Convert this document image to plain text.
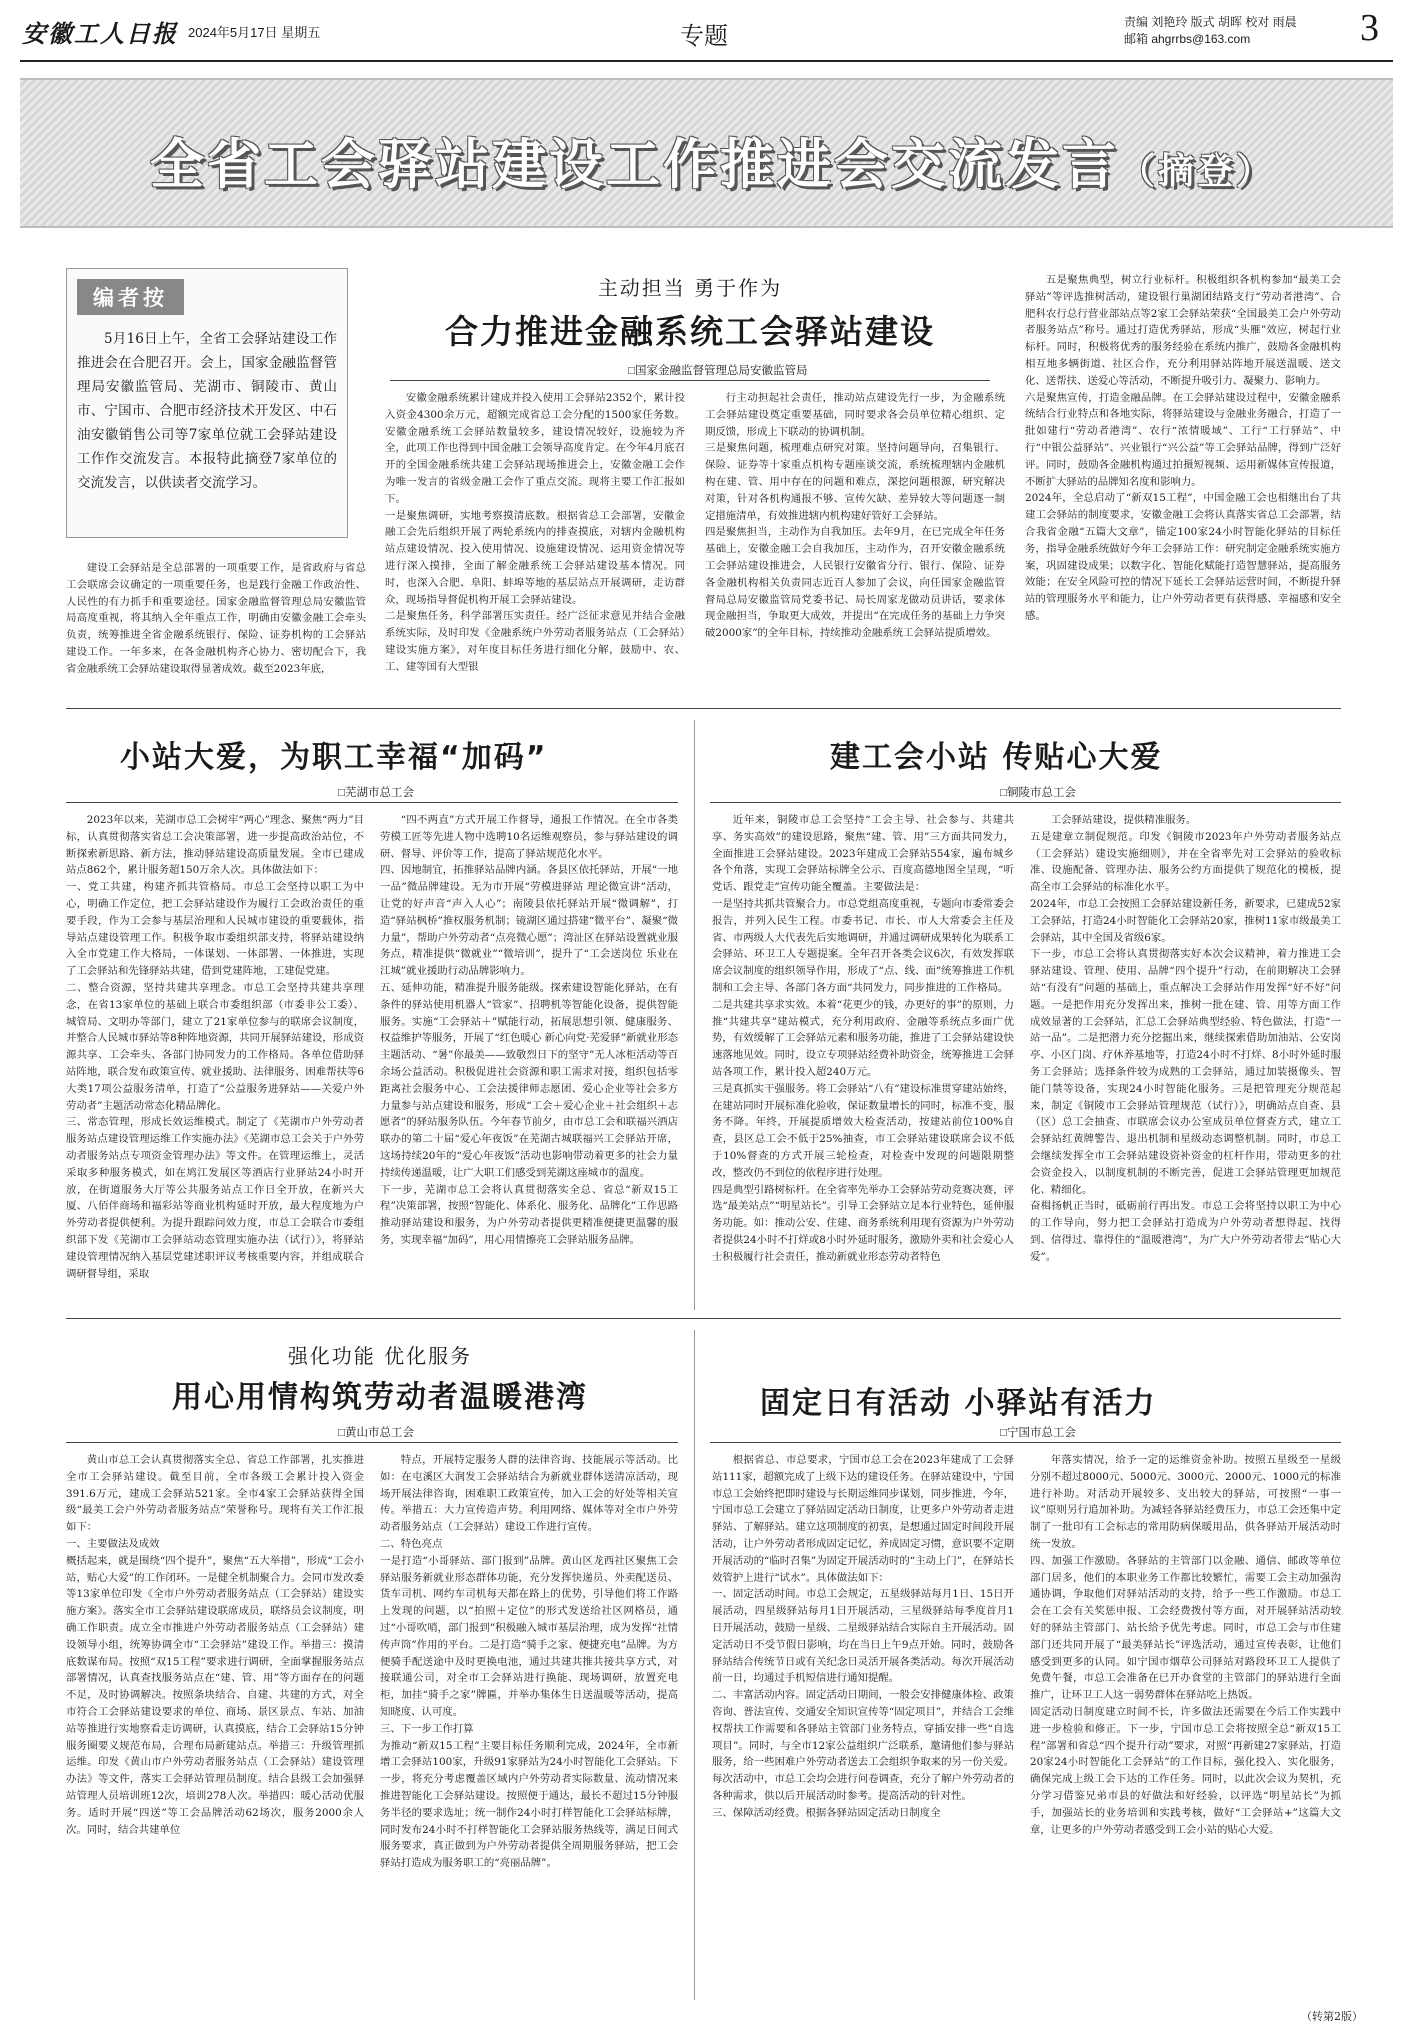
安徽工人日报 2024年5月17日 星期五	专题
责编 刘艳玲 版式 胡晖 校对 雨晨
邮箱 ahgrrbs@163.com	3
全省工会驿站建设工作推进会交流发言（摘登）
编者按
5月16日上午，全省工会驿站建设工作推进会在合肥召开。会上，国家金融监督管理局安徽监管局、芜湖市、铜陵市、黄山市、宁国市、合肥市经济技术开发区、中石油安徽销售公司等7家单位就工会驿站建设工作作交流发言。本报特此摘登7家单位的交流发言，以供读者交流学习。
主动担当 勇于作为
合力推进金融系统工会驿站建设
□国家金融监督管理总局安徽监管局
建设工会驿站是全总部署的一项重要工作，是省政府与省总工会联席会议确定的一项重要任务，也是践行金融工作政治性、人民性的有力抓手和重要途径。国家金融监督管理总局安徽监管局高度重视，将其纳入全年重点工作，明确由安徽金融工会牵头负责，统筹推进全省金融系统银行、保险、证券机构的工会驿站建设工作。一年多来，在各金融机构齐心协力、密切配合下，我省金融系统工会驿站建设取得显著成效。截至2023年底，
安徽金融系统累计建成并投入使用工会驿站2352个，累计投入资金4300余万元，超额完成省总工会分配的1500家任务数。安徽金融系统工会驿站数量较多，建设情况较好，设施较为齐全，此项工作也得到中国金融工会领导高度肯定。在今年4月底召开的全国金融系统共建工会驿站现场推进会上，安徽金融工会作为唯一发言的省级金融工会作了重点交流。现将主要工作汇报如下。
一是聚焦调研，实地考察摸清底数。根据省总工会部署，安徽金融工会先后组织开展了两轮系统内的排查摸底，对辖内金融机构站点建设情况、投入使用情况、设施建设情况、运用资金情况等进行深入摸排，全面了解金融系统工会驿站建设基本情况。同时，也深入合肥、阜阳、蚌埠等地的基层站点开展调研，走访群众，现场指导督促机构开展工会驿站建设。
二是聚焦任务，科学部署压实责任。经广泛征求意见并结合金融系统实际，及时印发《金融系统户外劳动者服务站点（工会驿站）建设实施方案》，对年度目标任务进行细化分解，鼓励中、农、工、建等国有大型银
行主动担起社会责任，推动站点建设先行一步，为金融系统工会驿站建设奠定重要基础，同时要求各会员单位精心组织、定期反馈，形成上下联动的协调机制。
三是聚焦问题，梳理难点研究对策。坚持问题导向，召集银行、保险、证券等十家重点机构专题座谈交流，系统梳理辖内金融机构在建、管、用中存在的问题和难点，深挖问题根源，研究解决对策，针对各机构通报不够、宣传欠缺、差异较大等问题逐一制定措施清单，有效推进辖内机构建好管好工会驿站。
四是聚焦担当，主动作为自我加压。去年9月，在已完成全年任务基础上，安徽金融工会自我加压，主动作为，召开安徽金融系统工会驿站建设推进会，人民银行安徽省分行、银行、保险、证券各金融机构相关负责同志近百人参加了会议，向任国家金融监管督局总局安徽监管局党委书记、局长周家龙做动员讲话，要求体现金融担当，争取更大成效，并提出“在完成任务的基础上力争突破2000家”的全年目标，持续推动金融系统工会驿站提质增效。
五是聚焦典型，树立行业标杆。积极组织各机构参加“最美工会驿站”等评选推树活动，建设银行巢湖团结路支行“劳动者港湾”、合肥科农行总行营业部站点等2家工会驿站荣获“全国最美工会户外劳动者服务站点”称号。通过打造优秀驿站，形成“头雁”效应，树起行业标杆。同时，积极将优秀的服务经验在系统内推广，鼓励各金融机构相互地多辆街道、社区合作，充分利用驿站阵地开展送温暖、送文化、送帮扶、送爱心等活动，不断提升吸引力、凝聚力、影响力。
六是聚焦宣传，打造金融品牌。在工会驿站建设过程中，安徽金融系统结合行业特点和各地实际，将驿站建设与金融业务融合，打造了一批如建行“劳动者港湾”、农行“浓情暖域”、工行“工行驿站”、中行“中银公益驿站”、兴业银行“兴公益”等工会驿站品牌，得到广泛好评。同时，鼓励各金融机构通过拍摄短视频、运用新媒体宣传报道，不断扩大驿站的品牌知名度和影响力。
2024年，全总启动了“新双15工程”，中国金融工会也相继出台了共建工会驿站的制度要求，安徽金融工会将认真落实省总工会部署，结合我省金融“五篇大文章”，锚定100家24小时智能化驿站的目标任务，指导金融系统做好今年工会驿站工作：研究制定金融系统实施方案，巩固建设成果；以数字化、智能化赋能打造智慧驿站，提高服务效能；在安全风险可控的情况下延长工会驿站运营时间，不断提升驿站的管理服务水平和能力，让户外劳动者更有获得感、幸福感和安全感。
小站大爱，为职工幸福“加码”
□芜湖市总工会
2023年以来，芜湖市总工会树牢“两心”理念、聚焦“两力”目标，认真贯彻落实省总工会决策部署，进一步提高政治站位，不断探索新思路、新方法，推动驿站建设高质量发展。全市已建成站点862个，累计服务超150万余人次。具体做法如下：
一、党工共建，构建齐抓共管格局。市总工会坚持以职工为中心，明确工作定位，把工会驿站建设作为履行工会政治责任的重要手段，作为工会参与基层治理和人民城市建设的重要载体，指导站点建设管理工作。积极争取市委组织部支持，将驿站建设纳入全市党建工作大格局，一体谋划、一体部署、一体推进，实现了工会驿站和先锋驿站共建，借到党建阵地，工建促党建。
二、整合资源，坚持共建共享理念。市总工会坚持共建共享理念，在省13家单位的基础上联合市委组织部（市委非公工委）、城管局、文明办等部门，建立了21家单位参与的联席会议制度，并整合人民城市驿站等8种阵地资源，共同开展驿站建设，形成资源共享、工会牵头、各部门协同发力的工作格局。各单位借助驿站阵地，联合发布政策宣传、就业援助、法律服务、困难帮扶等6大类17项公益服务清单，打造了“公益服务进驿站——关爱户外劳动者”主题活动常态化精品牌化。
三、常态管理，形成长效运维模式。制定了《芜湖市户外劳动者服务站点建设管理运维工作实施办法》《芜湖市总工会关于户外劳动者服务站点专项资金管理办法》等文件。在管理运维上，灵活采取多种服务模式，如在鸠江发展区等酒店行业驿站24小时开放，在街道服务大厅等公共服务站点工作日全开放，在新兴大厦、八佰伴商场和福彩站等商业机构延时开放，最大程度地为户外劳动者提供便利。为提升跟踪问效力度，市总工会联合市委组织部下发《芜湖市工会驿站动态管理实施办法（试行）》，将驿站建设管理情况纳入基层党建述职评议考核重要内容，并组成联合调研督导组，采取
“四不两直”方式开展工作督导，通报工作情况。在全市各类劳模工匠等先进人物中选聘10名运维观察员，参与驿站建设的调研、督导、评价等工作，提高了驿站规范化水平。
四、因地制宜，拓推驿站品牌内涵。各县区依托驿站，开展“一地一品”微品牌建设。无为市开展“劳模进驿站 理论微宣讲”活动，让党的好声音“声入人心”；南陵县依托驿站开展“微调解”，打造“驿站枫桥”推权服务机制；镜湖区通过搭建“微平台”、凝聚“微力量”，帮助户外劳动者“点亮微心愿”；湾沚区在驿站设置就业服务点，精准提供“微就业”“微培训”，提升了“工会送岗位 乐业在江城”就业援助行动品牌影响力。
五、延伸功能，精准提升服务能级。探索建设智能化驿站，在有条件的驿站使用机器人“管家”、招聘机等智能化设备，提供智能服务。实施“工会驿站＋”赋能行动，拓展思想引领、健康服务、权益维护等服务，开展了“红色暖心 新心向党·芜爱驿”新就业形态主题活动、“暑”你最美——致敬烈日下的坚守”无人冰柜活动等百余场公益活动。积极促进社会资源和职工需求对接，组织包括零距离社会服务中心、工会法援律师志愿团、爱心企业等社会多方力量参与站点建设和服务，形成“工会＋爱心企业＋社会组织＋志愿者”的驿站服务队伍。今年春节前夕，由市总工会和联福兴酒店联办的第二十届“爱心年夜饭”在芜湖古城联福兴工会驿站开席，这场持续20年的“爱心年夜饭”活动也影响带动着更多的社会力量持续传递温暖，让广大职工们感受到芜湖这座城市的温度。
下一步，芜湖市总工会将认真贯彻落实全总、省总“新双15工程”决策部署，按照“智能化、体系化、服务化、品牌化”工作思路推动驿站建设和服务，为户外劳动者提供更精准便捷更温馨的服务，实现幸福“加码”，用心用情擦亮工会驿站服务品牌。
建工会小站 传贴心大爱
□铜陵市总工会
近年来，铜陵市总工会坚持“工会主导、社会参与、共建共享、务实高效”的建设思路，聚焦“建、管、用”三方面共同发力，全面推进工会驿站建设。2023年建成工会驿站554家，遍布城乡各个角落，实现工会驿站标牌全公示、百度高德地图全呈现，“听党话、跟党走”宣传功能全覆盖。主要做法是：
一是坚持共抓共管聚合力。市总党组高度重视，专题向市委常委会报告，并列入民生工程。市委书记、市长、市人大常委会主任及省、市两级人大代表先后实地调研，并通过调研成果转化为联系工会驿站、环卫工人专题提案。全年召开各类会议6次，有效发挥联席会议制度的组织领导作用，形成了“点、线、面”统筹推进工作机制和工会主导、各部门各方面“共同发力，同步推进的工作格局。
二是共建共享求实效。本着“花更少的钱，办更好的事”的原则，力推“共建共享”建站模式，充分利用政府、金融等系统点多面广优势，有效缓解了工会驿站元素和服务功能，推进了工会驿站建设快速落地见效。同时，设立专项驿站经费补助资金，统筹推进工会驿站各项工作，累计投入超240万元。
三是真抓实干强服务。将工会驿站“八有”建设标准贯穿建站始终，在建站同时开展标准化验收，保证数量增长的同时，标准不变，服务不降。年终，开展提质增效大检查活动，按建站前位100%自查，县区总工会不低于25%抽查，市工会驿站建设联席会议不低于10%督查的方式开展三轮检查，对检查中发现的问题限期整改，整改仍不到位的依程序进行处理。
四是典型引路树标杆。在全省率先举办工会驿站劳动竞赛决赛，评选“最美站点”“明星站长”。引导工会驿站立足本行业特色，延伸服务功能。如：推动公安、住建、商务系统利用现有资源为户外劳动者提供24小时不打烊或8小时外延时服务，激励外卖和社会爱心人士积极履行社会责任，推动新就业形态劳动者特色
工会驿站建设，提供精准服务。
五是建章立制促规范。印发《铜陵市2023年户外劳动者服务站点（工会驿站）建设实施细则》，并在全省率先对工会驿站的验收标准、设施配备、管理办法、服务公约方面提供了规范化的模板，提高全市工会驿站的标准化水平。
2024年，市总工会按照工会驿站建设新任务，新要求，已建成52家工会驿站，打造24小时智能化工会驿站20家，推树11家市级最美工会驿站，其中全国及省级6家。
下一步，市总工会将认真贯彻落实好本次会议精神，着力推进工会驿站建设、管理、使用、品牌“四个提升”行动，在前期解决工会驿站“有没有”问题的基础上，重点解决工会驿站作用发挥“好不好”问题。一是把作用充分发挥出来，推树一批在建、管、用等方面工作成效显著的工会驿站，汇总工会驿站典型经验、特色做法，打造“一站一品”。二是把潜力充分挖掘出来，继续探索借助加油站、公安岗亭、小区门岗、疗休养基地等，打造24小时不打烊、8小时外延时服务工会驿站；选择条件较为成熟的工会驿站，通过加装摄像头、智能门禁等设备，实现24小时智能化服务。三是把管理充分规范起来，制定《铜陵市工会驿站管理规范（试行）》，明确站点自查、县（区）总工会抽查、市联席会议办公室成员单位督查方式，建立工会驿站红黄牌警告、退出机制和星级动态调整机制。同时，市总工会继续发挥全市工会驿站建设资补资金的杠杆作用，带动更多的社会资金投入，以制度机制的不断完善，促进工会驿站管理更加规范化、精细化。
奋楫扬帆正当时，砥砺前行再出发。市总工会将坚持以职工为中心的工作导向，努力把工会驿站打造成为户外劳动者想得起、找得到、信得过、靠得住的“温暖港湾”，为广大户外劳动者带去“贴心大爱”。
强化功能 优化服务
用心用情构筑劳动者温暖港湾
□黄山市总工会
黄山市总工会认真贯彻落实全总、省总工作部署，扎实推进全市工会驿站建设。截至目前，全市各级工会累计投入资金391.6万元，建成工会驿站521家。全市4家工会驿站获得全国级“最美工会户外劳动者服务站点”荣誉称号。现将有关工作汇报如下：
一、主要做法及成效
概括起来，就是围绕“四个提升”，聚焦“五大举措”，形成“工会小站，贴心大爱”的工作闭环。一是健全机制聚合力。会同市发改委等13家单位印发《全市户外劳动者服务站点（工会驿站）建设实施方案》。落实全市工会驿站建设联席成员，联络员会议制度，明确工作职责。成立全市推进户外劳动者服务站点（工会驿站）建设领导小组，统筹协调全市“工会驿站”建设工作。举措三：摸清底数谋布局。按照“双15工程”要求进行调研，全面掌握服务站点部署情况，认真查找服务站点在“建、管、用”等方面存在的问题不足，及时协调解决。按照条块结合、自建、共建的方式，对全市符合工会驿站建设要求的单位、商场、景区景点、车站、加油站等推进行实地察看走访调研，认真摸底，结合工会驿站15分钟服务圈要义规范布局，合理布局新建站点。举措三：升级管理抓运维。印发《黄山市户外劳动者服务站点（工会驿站）建设管理办法》等文件，落实工会驿站管理员制度。结合县级工会加强驿站管理人员培训班12次，培训278人次。举措四：暖心活动优服务。适时开展“四送”等工会品牌活动62场次，服务2000余人次。同时，结合共建单位
特点，开展特定服务人群的法律咨询、技能展示等活动。比如：在屯溪区大润发工会驿站结合为新就业群体送清凉活动，现场开展法律咨询，困难职工政策宣传，加入工会的好处等相关宣传。举措五：大力宣传造声势。利用网络、媒体等对全市户外劳动者服务站点（工会驿站）建设工作进行宣传。
二、特色亮点
一是打造“小哥驿站、部门报到”品牌。黄山区龙西社区聚焦工会驿站服务新就业形态群体功能，充分发挥快递员、外卖配送员、货车司机、网约车司机每天都在路上的优势，引导他们将工作路上发现的问题，以“拍照＋定位”的形式发送给社区网格员，通过“小哥吹哨，部门报到”积极融入城市基层治理，成为发挥“社情传声筒”作用的平台。二是打造“骑手之家、便捷充电”品牌。为方便骑手配送途中及时更换电池，通过共建共推共接共享方式，对接联通公司，对全市工会驿站进行换能、现场调研，放置充电柜，加挂“骑手之家”牌匾，并举办集体生日送温暖等活动，提高知晓度、认可度。
三、下一步工作打算
为推动“新双15工程”主要目标任务顺利完成，2024年，全市新增工会驿站100家，升级91家驿站为24小时智能化工会驿站。下一步，将充分考虑覆盖区域内户外劳动者实际数量、流动情况来推进智能化工会驿站建设。按照便于通达，最长不超过15分钟服务半径的要求选址；统一制作24小时打样智能化工会驿站标牌，同时发布24小时不打样智能化工会驿站服务热线等，满足日间式服务要求，真正做到为户外劳动者提供全周期服务驿站，把工会驿站打造成为服务职工的“亮丽品牌”。
固定日有活动 小驿站有活力
□宁国市总工会
根据省总、市总要求，宁国市总工会在2023年建成了工会驿站111家，超额完成了上级下达的建设任务。在驿站建设中，宁国市总工会始终把即时建设与长期运维同步谋划，同步推进，今年，宁国市总工会建立了驿站固定活动日制度，让更多户外劳动者走进驿站、了解驿站。建立这项制度的初衷，是想通过固定时间段开展活动，让户外劳动者形成固定记忆，养成固定习惯，意识要不定期开展活动的“临时召集”为固定开展活动时的“主动上门”，在驿站长效管护上进行“试水”。具体做法如下：
一、固定活动时间。市总工会规定，五星级驿站每月1日、15日开展活动，四星级驿站每月1日开展活动，三星级驿站每季度首月1日开展活动，鼓励一星级、二星级驿站结合实际自主开展活动。固定活动日不受节假日影响，均在当日上午9点开始。同时，鼓励各驿站结合传统节日或有关纪念日灵活开展各类活动。每次开展活动前一日，均通过手机短信进行通知提醒。
二、丰富活动内容。固定活动日期间，一般会安排健康体检、政策咨询、普法宣传、交通安全知识宣传等“固定项目”，并结合工会维权帮扶工作需要和各驿站主管部门业务特点，穿插安排一些“自选项目”。同时，与全市12家公益组织广泛联系，邀请他们参与驿站服务，给一些困难户外劳动者送去工会组织争取来的另一份关爱。每次活动中，市总工会均会进行问卷调查，充分了解户外劳动者的各种需求，供以后开展活动时参考。提高活动的针对性。
三、保障活动经费。根据各驿站固定活动日制度全
年落实情况，给予一定的运维资金补助。按照五星级至一星级分别不超过8000元、5000元、3000元、2000元、1000元的标准进行补助。对活动开展较多、支出较大的驿站，可按照“一事一议”原则另行追加补助。为减轻各驿站经费压力，市总工会还集中定制了一批印有工会标志的常用防病保暖用品，供各驿站开展活动时统一发放。
四、加强工作激励。各驿站的主管部门以金融、通信、邮政等单位部门居多，他们的本职业务工作都比较繁忙，需要工会主动加强沟通协调，争取他们对驿站活动的支持，给予一些工作激励。市总工会在工会有关奖惩申报、工会经费拨付等方面，对开展驿站活动较好的驿站主管部门、站长给予优先考虑。同时，市总工会与市住建部门还共同开展了“最美驿站长”评选活动，通过宣传表彰，让他们感受到更多的认同。如宁国市烟草公司驿站对路段环卫工人提供了免费午餐，市总工会准备在已开办食堂的主管部门的驿站进行全面推广，让环卫工人这一弱势群体在驿站吃上热饭。
固定活动日制度建立时间不长，许多做法还需要在今后工作实践中进一步检验和修正。下一步，宁国市总工会将按照全总“新双15工程”部署和省总“四个提升行动”要求，对照“再新建27家驿站，打造20家24小时智能化工会驿站”的工作目标，强化投入、实化服务，确保完成上级工会下达的工作任务。同时，以此次会议为契机，充分学习借鉴兄弟市县的好做法和好经验，以评选“明星站长”为抓手，加强站长的业务培训和实践考核，做好“工会驿站+”这篇大文章，让更多的户外劳动者感受到工会小站的贴心大爱。
（转第2版）
